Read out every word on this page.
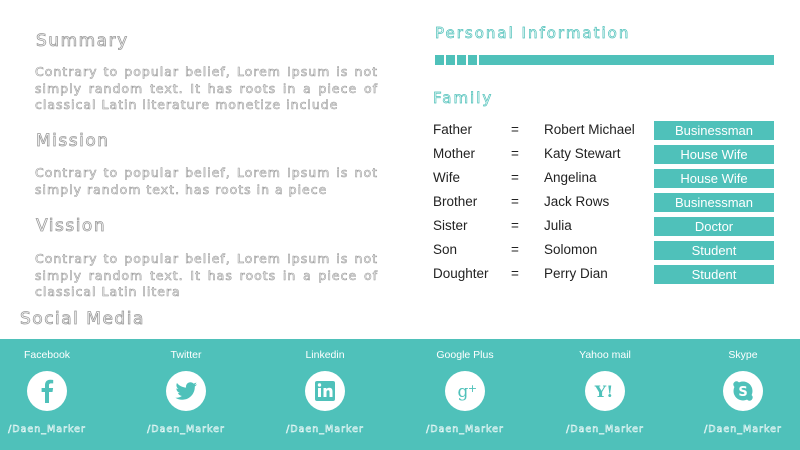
Summary
Contrary to popular belief, Lorem Ipsum is not simply random text. It has roots in a piece of classical Latin literature monetize include
Mission
Contrary to popular belief, Lorem Ipsum is not simply random text. has roots in a piece
Vission
Contrary to popular belief, Lorem Ipsum is not simply random text. It has roots in a piece of classical Latin litera
Social Media
Personal Information
Family
Father	= Robert Michael	Businessman
Mother	= Katy Stewart	House Wife
Wife	= Angelina	House Wife
Brother = Jack Rows	Businessman
Sister	= Julia	Doctor
Son	= Solomon	Student
Doughter = Perry Dian	Student
Facebook
/Daen_Marker
Twitter
/Daen_Marker
Linkedin
/Daen_Marker
Google Plus
g +
/Daen_Marker
Yahoo mail
Y!
/Daen_Marker
Skype
S
/Daen_Marker
